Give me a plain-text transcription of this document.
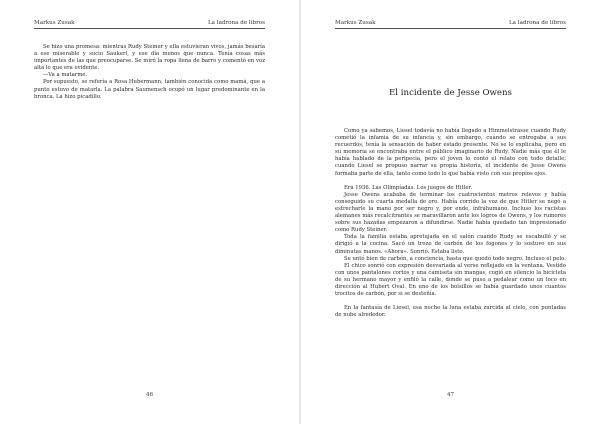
Markus Zusak	La ladrona de libros

Se hizo una promesa: mientras Rudy Steiner y ella estuvieran vivos, jamás besaría a ese miserable y sucio Saukerl, y ese día menos que nunca. Tenía cosas más importantes de las que preocuparse. Se miró la ropa llena de barro y comentó en voz alta lo que era evidente.

—Va a matarme.

Por supuesto, se refería a Rosa Hubermann, también conocida como mamá, que a punto estuvo de matarla. La palabra Saumensch ocupó un lugar predominante en la bronca. La hizo picadillo.

46
Markus Zusak	La ladrona de libros
El incidente de Jesse Owens

Como ya sabemos, Liesel todavía no había llegado a Himmelstrasse cuando Rudy cometió la infamia de su infancia y, sin embargo, cuando se entregaba a sus recuerdos, tenía la sensación de haber estado presente. No se lo explicaba, pero en su memoria se encontraba entre el público imaginario de Rudy. Nadie más que él le había hablado de la peripecia, pero el joven lo contó el relato con todo detalle; cuando Liesel se propuso narrar su propia historia, el incidente de Jesse Owens formaba parte de ella, tanto como todo lo que había visto con sus propios ojos.

Era 1936. Las Olimpíadas. Los juegos de Hitler.

Jesse Owens acababa de terminar los cuatrocientos metros relevos y había conseguido su cuarta medalla de oro. Había corrido la voz de que Hitler se negó a estrecharle la mano por ser negro y, por ende, infrahumano. Incluso los racistas alemanes más recalcitrantes se maravillaron ante los logros de Owens, y los rumores sobre sus hazañas empezaron a difundirse. Nadie había quedado tan impresionado como Rudy Steiner.

Toda la familia estaba apretujada en el salón cuando Rudy se escabulló y se dirigió a la cocina. Sacó un trozo de carbón de los fogones y lo sostuvo en sus diminutas manos. «Ahora». Sonrió. Estaba listo.

Se untó bien de carbón, a conciencia, hasta que quedó todo negro. Incluso el pelo.

El chico sonrió con expresión desvariada al verse reflejado en la ventana. Vestido con unos pantalones cortos y una camiseta sin mangas, cogió en silencio la bicicleta de su hermano mayor y enfiló la calle, donde se puso a pedalear como un loco en dirección al Hubert Oval. En uno de los bolsillos se había guardado unos cuantos trocitos de carbón, por si se desteñía.

En la fantasía de Liesel, esa noche la luna estaba zurcida al cielo, con puntadas de nube alrededor.

47
